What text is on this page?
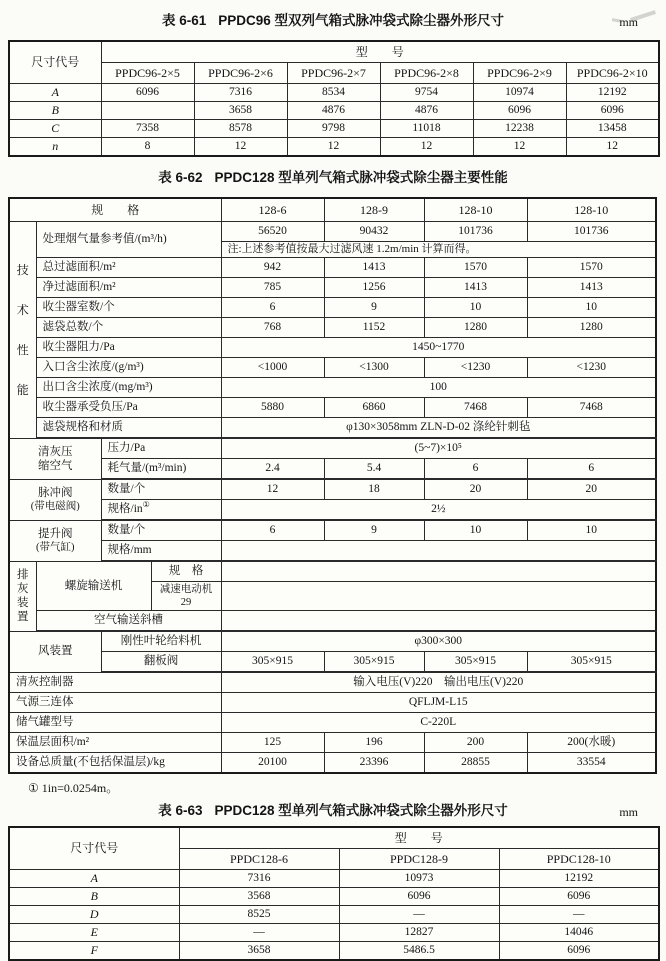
表 6-61 PPDC96 型双列气箱式脉冲袋式除尘器外形尺寸	mm
尺寸代号	型　　号					
	PPDC96-2×5	PPDC96-2×6	PPDC96-2×7	PPDC96-2×8	PPDC96-2×9	PPDC96-2×10
A	6096	7316	8534	9754	10974	12192
B		3658	4876	4876	6096	6096
C	7358	8578	9798	11018	12238	13458
n	8	12	12	12	12	12
表 6-62 PPDC128 型单列气箱式脉冲袋式除尘器主要性能
规　　格				128-6	128-9	128-10	128-10

技术性能	处理烟气量参考值/(m³/h)			56520	90432	101736	101736
				注:上述参考值按最大过滤风速 1.2m/min 计算而得。			
	总过滤面积/m²			942	1413	1570	1570
	净过滤面积/m²			785	1256	1413	1413
	收尘器室数/个			6	9	10	10
	滤袋总数/个			768	1152	1280	1280
	收尘器阻力/Pa			1450~1770			
	入口含尘浓度/(g/m³)			<1000	<1300	<1230	<1230
	出口含尘浓度/(mg/m³)			100			
	收尘器承受负压/Pa			5880	6860	7468	7468
	滤袋规格和材质			φ130×3058mm ZLN-D-02 涤纶针刺毡			

清灰压
缩空气		压力/Pa		(5~7)×10⁵			
		耗气量/(m³/min)		2.4	5.4	6	6

脉冲阀
(带电磁阀)		数量/个		12	18	20	20
		规格/in①		2½			

提升阀
(带气缸)		数量/个		6	9	10	10
		规格/mm					

排灰装置	螺旋输送机		规　格				
			减速电动机 29				
	空气输送斜槽						
风装置		刚性叶轮给料机		φ300×300			
		翻板阀		305×915	305×915	305×915	305×915
清灰控制器				输入电压(V)220　输出电压(V)220			
气源三连体				QFLJM-L15			
储气罐型号				C-220L			
保温层面积/m²				125	196	200	200(水暖)
设备总质量(不包括保温层)/kg				20100	23396	28855	33554
① 1in=0.0254m。
表 6-63 PPDC128 型单列气箱式脉冲袋式除尘器外形尺寸	mm
尺寸代号	型　　号		
	PPDC128-6	PPDC128-9	PPDC128-10
A	7316	10973	12192
B	3568	6096	6096
D	8525	—	—
E	—	12827	14046
F	3658	5486.5	6096
